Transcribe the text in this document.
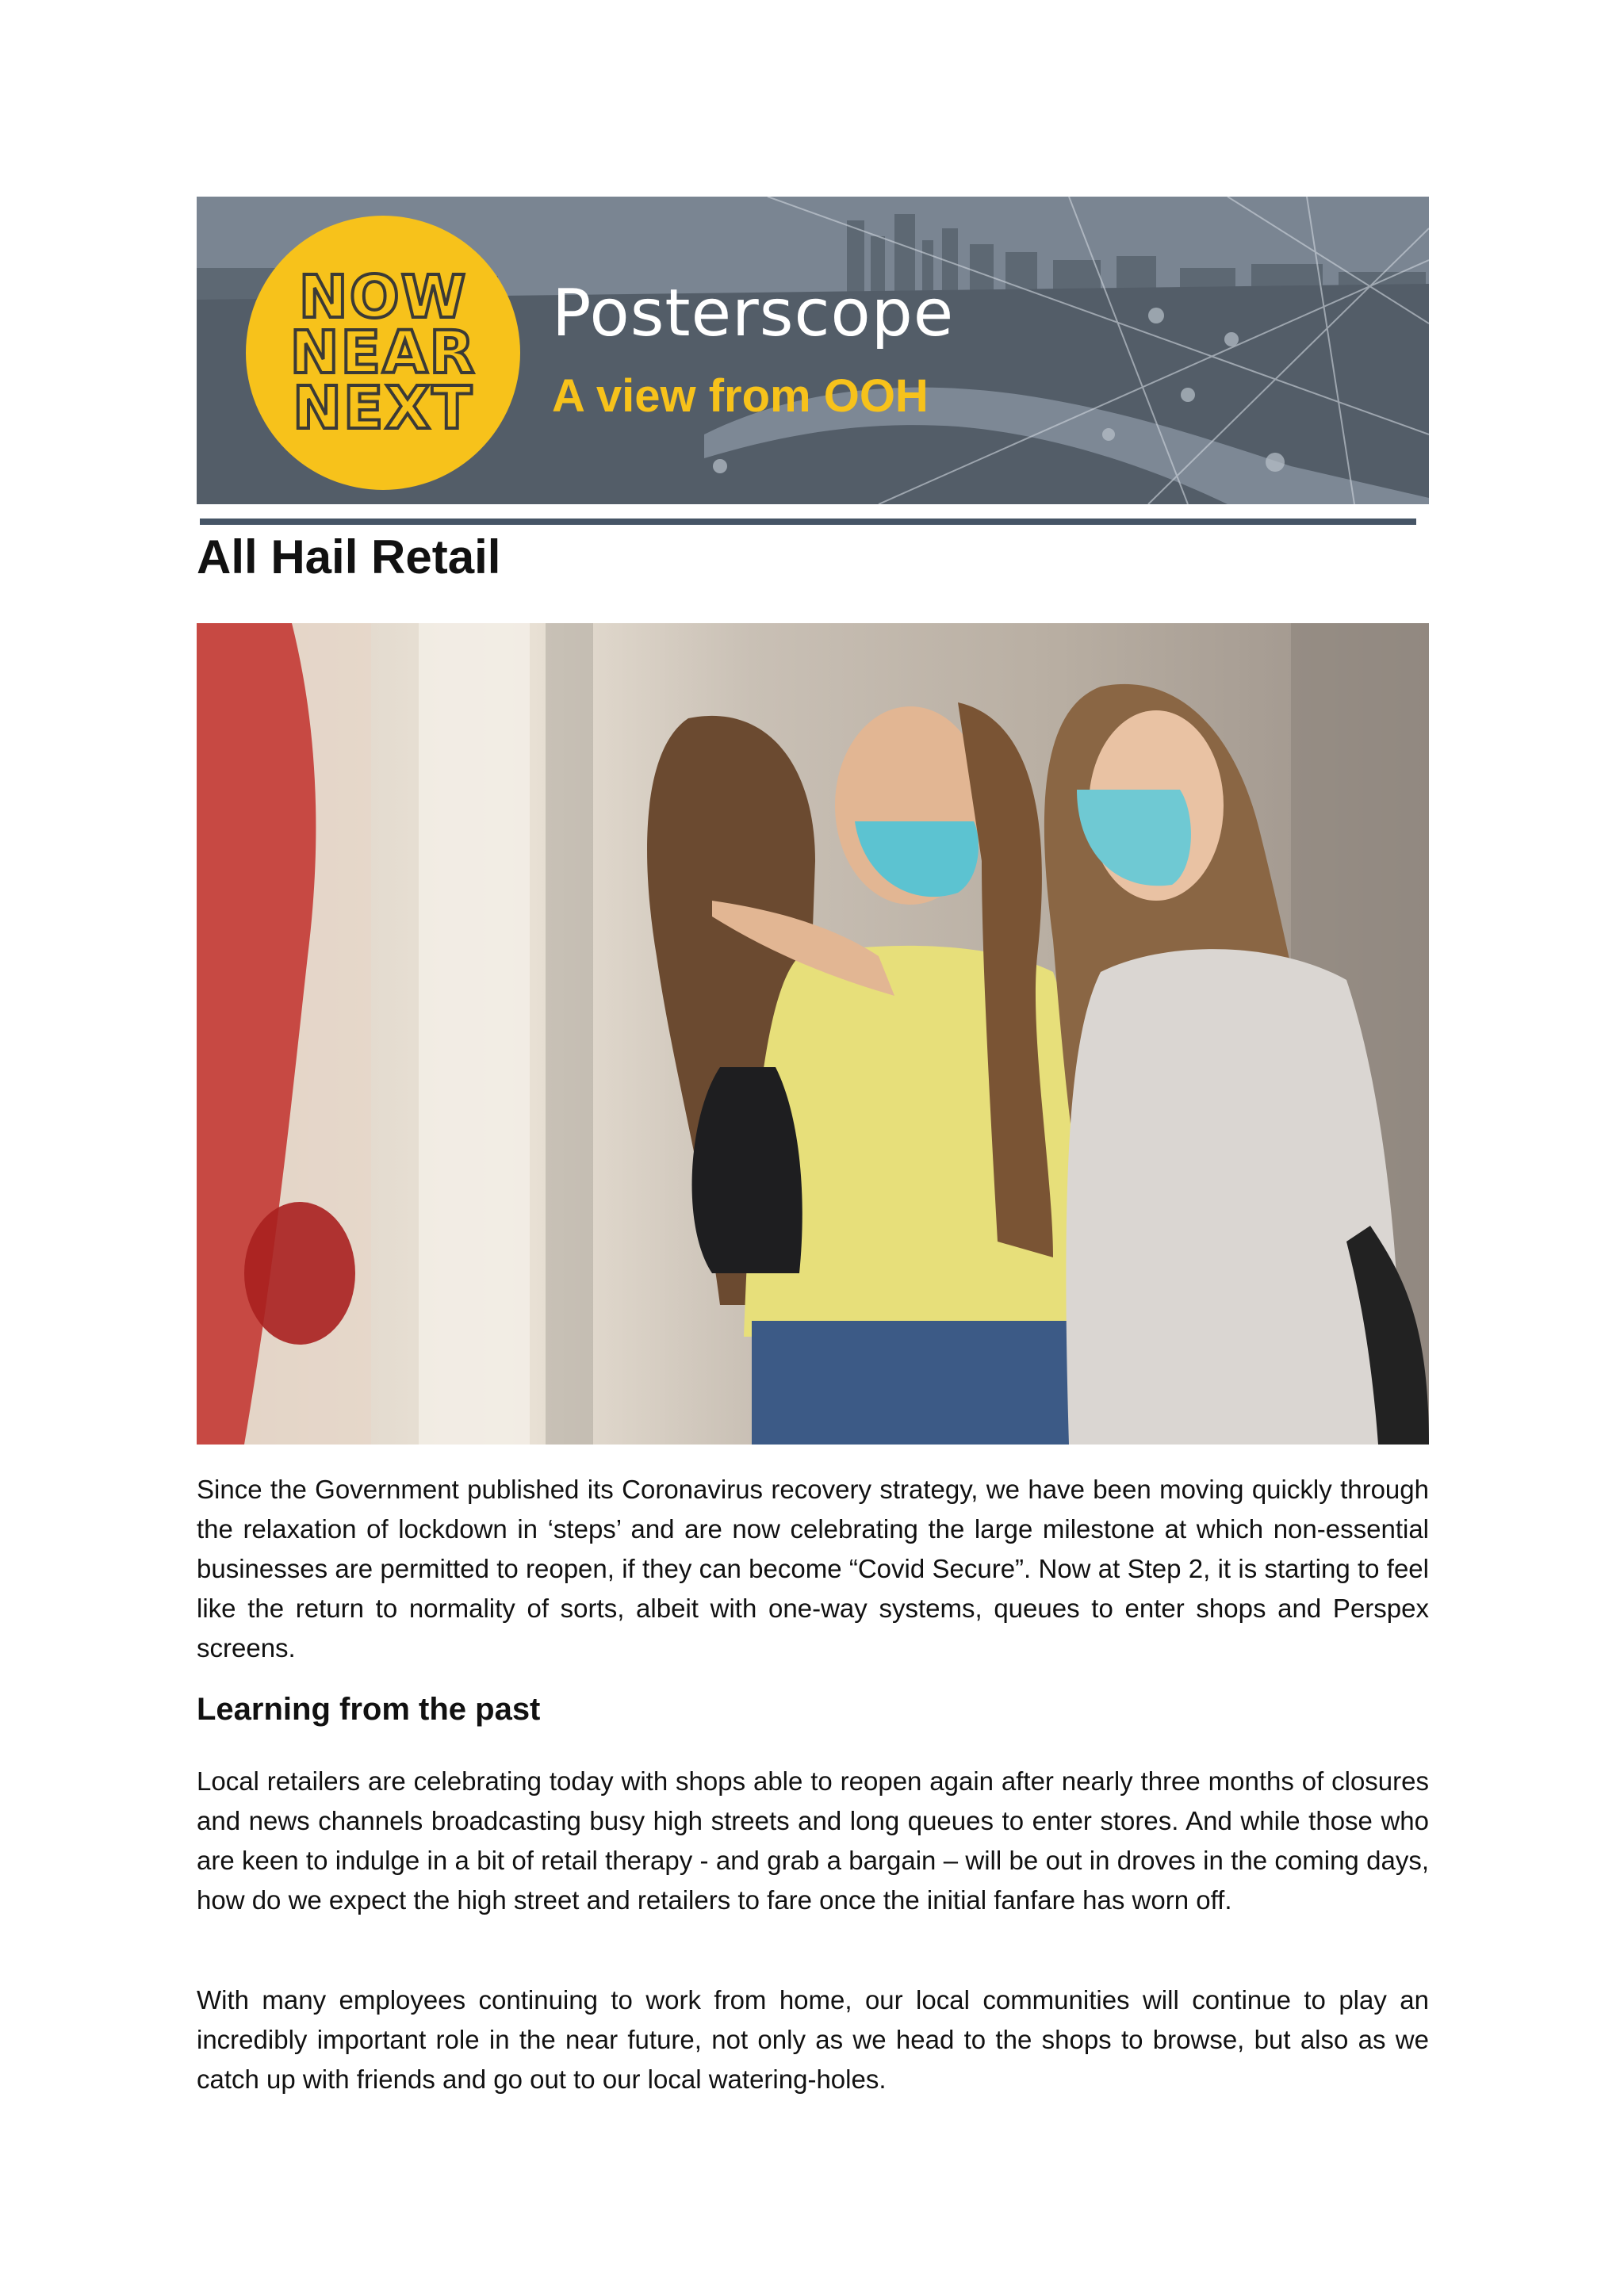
NOW
NEAR
NEXT
Posterscope
A view from OOH
All Hail Retail

Since the Government published its Coronavirus recovery strategy, we have been moving quickly through the relaxation of lockdown in ‘steps’ and are now celebrating the large milestone at which non-essential businesses are permitted to reopen, if they can become “Covid Secure”. Now at Step 2, it is starting to feel like the return to normality of sorts, albeit with one-way systems, queues to enter shops and Perspex screens.

Learning from the past

Local retailers are celebrating today with shops able to reopen again after nearly three months of closures and news channels broadcasting busy high streets and long queues to enter stores. And while those who are keen to indulge in a bit of retail therapy - and grab a bargain – will be out in droves in the coming days, how do we expect the high street and retailers to fare once the initial fanfare has worn off.

With many employees continuing to work from home, our local communities will continue to play an incredibly important role in the near future, not only as we head to the shops to browse, but also as we catch up with friends and go out to our local watering-holes.
